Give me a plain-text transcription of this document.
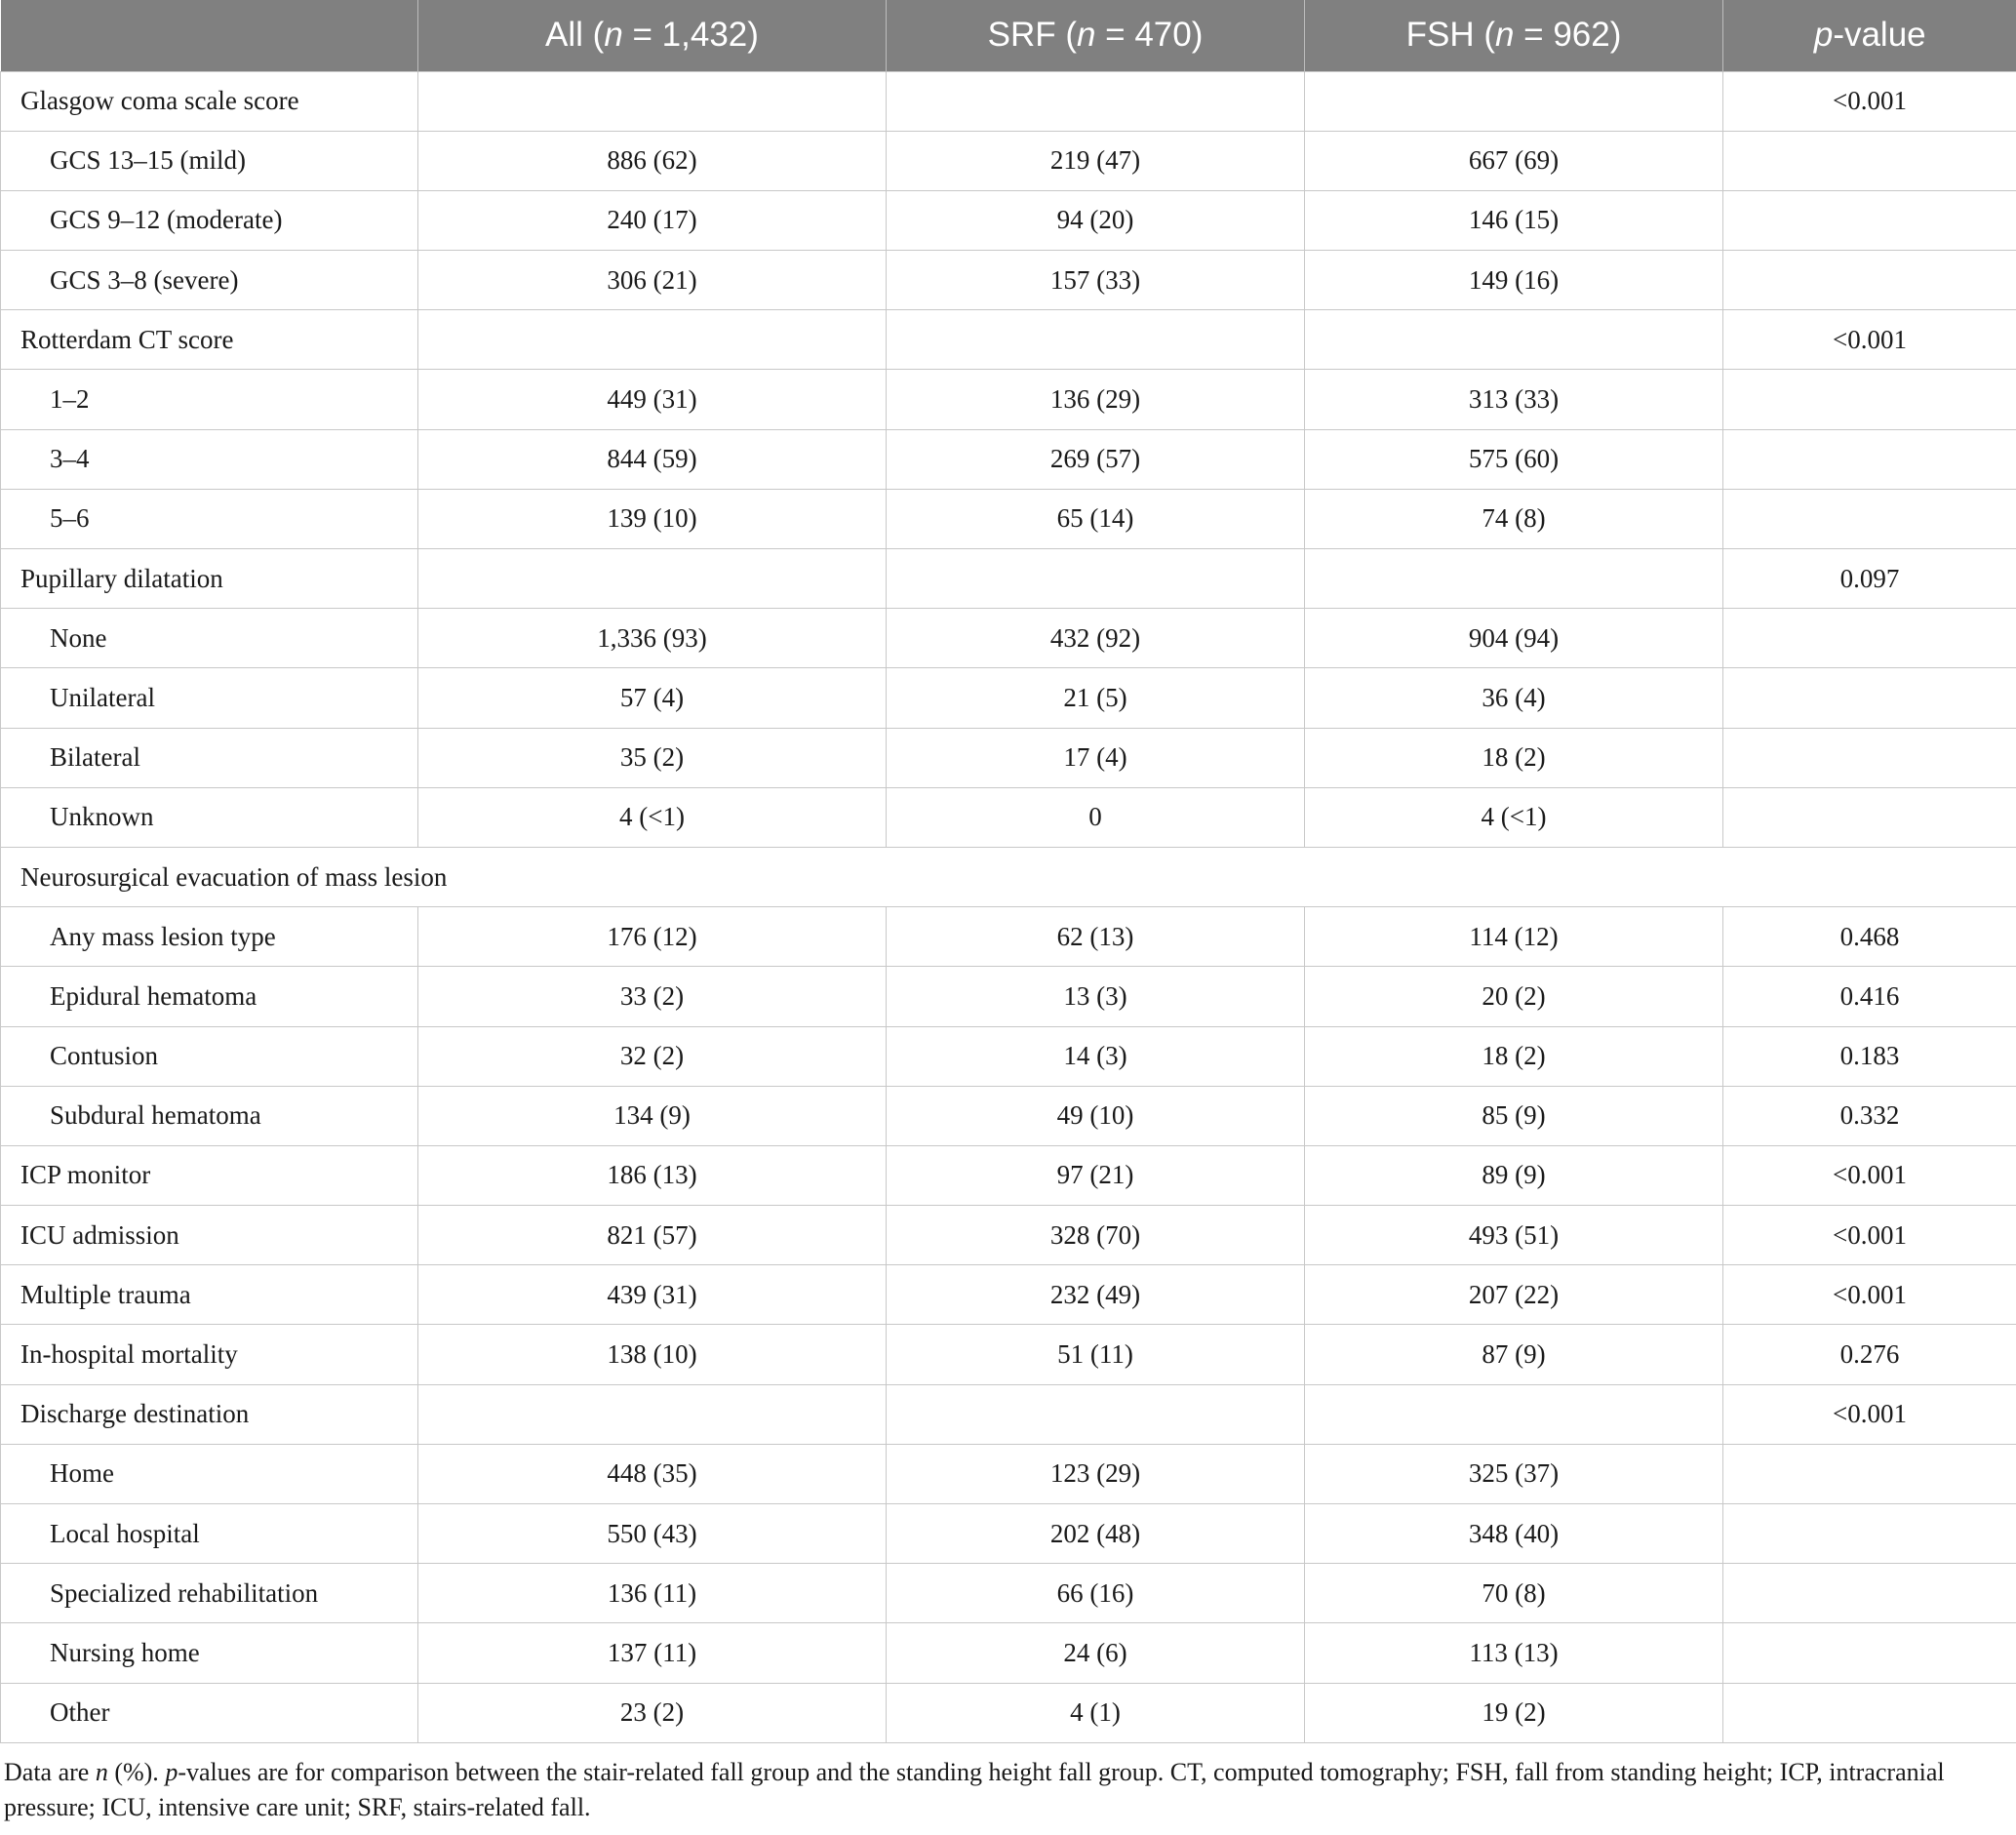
	All (n = 1,432)	SRF (n = 470)	FSH (n = 962)	p-value
Glasgow coma scale score				<0.001
GCS 13–15 (mild)	886 (62)	219 (47)	667 (69)	
GCS 9–12 (moderate)	240 (17)	94 (20)	146 (15)	
GCS 3–8 (severe)	306 (21)	157 (33)	149 (16)	
Rotterdam CT score				<0.001
1–2	449 (31)	136 (29)	313 (33)	
3–4	844 (59)	269 (57)	575 (60)	
5–6	139 (10)	65 (14)	74 (8)	
Pupillary dilatation				0.097
None	1,336 (93)	432 (92)	904 (94)	
Unilateral	57 (4)	21 (5)	36 (4)	
Bilateral	35 (2)	17 (4)	18 (2)	
Unknown	4 (<1)	0	4 (<1)	
Neurosurgical evacuation of mass lesion				
Any mass lesion type	176 (12)	62 (13)	114 (12)	0.468
Epidural hematoma	33 (2)	13 (3)	20 (2)	0.416
Contusion	32 (2)	14 (3)	18 (2)	0.183
Subdural hematoma	134 (9)	49 (10)	85 (9)	0.332
ICP monitor	186 (13)	97 (21)	89 (9)	<0.001
ICU admission	821 (57)	328 (70)	493 (51)	<0.001
Multiple trauma	439 (31)	232 (49)	207 (22)	<0.001
In-hospital mortality	138 (10)	51 (11)	87 (9)	0.276
Discharge destination				<0.001
Home	448 (35)	123 (29)	325 (37)	
Local hospital	550 (43)	202 (48)	348 (40)	
Specialized rehabilitation	136 (11)	66 (16)	70 (8)	
Nursing home	137 (11)	24 (6)	113 (13)	
Other	23 (2)	4 (1)	19 (2)	
Data are n (%). p-values are for comparison between the stair-related fall group and the standing height fall group. CT, computed tomography; FSH, fall from standing height; ICP, intracranial pressure; ICU, intensive care unit; SRF, stairs-related fall.
